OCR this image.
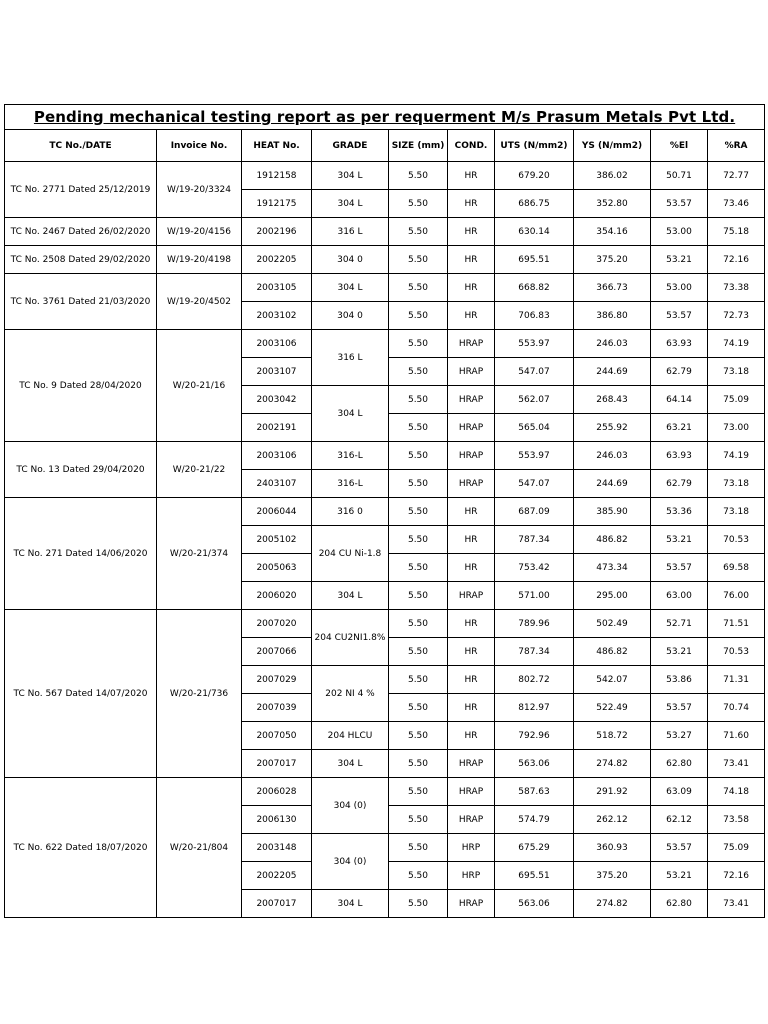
Pending mechanical testing report as per requerment M/s Prasum Metals Pvt Ltd.									
TC No./DATE	Invoice No.	HEAT No.	GRADE	SIZE (mm)	COND.	UTS (N/mm2)	YS (N/mm2)	%El	%RA
TC No. 2771 Dated 25/12/2019	W/19-20/3324	1912158	304 L	5.50	HR	679.20	386.02	50.71	72.77
		1912175	304 L	5.50	HR	686.75	352.80	53.57	73.46
TC No. 2467 Dated 26/02/2020	W/19-20/4156	2002196	316 L	5.50	HR	630.14	354.16	53.00	75.18
TC No. 2508 Dated 29/02/2020	W/19-20/4198	2002205	304 0	5.50	HR	695.51	375.20	53.21	72.16
TC No. 3761 Dated 21/03/2020	W/19-20/4502	2003105	304 L	5.50	HR	668.82	366.73	53.00	73.38
		2003102	304 0	5.50	HR	706.83	386.80	53.57	72.73
TC No. 9 Dated 28/04/2020	W/20-21/16	2003106	316 L	5.50	HRAP	553.97	246.03	63.93	74.19
		2003107		5.50	HRAP	547.07	244.69	62.79	73.18
		2003042	304 L	5.50	HRAP	562.07	268.43	64.14	75.09
		2002191		5.50	HRAP	565.04	255.92	63.21	73.00
TC No. 13 Dated 29/04/2020	W/20-21/22	2003106	316-L	5.50	HRAP	553.97	246.03	63.93	74.19
		2403107	316-L	5.50	HRAP	547.07	244.69	62.79	73.18
TC No. 271 Dated 14/06/2020	W/20-21/374	2006044	316 0	5.50	HR	687.09	385.90	53.36	73.18
		2005102	204 CU Ni-1.8	5.50	HR	787.34	486.82	53.21	70.53
		2005063		5.50	HR	753.42	473.34	53.57	69.58
		2006020	304 L	5.50	HRAP	571.00	295.00	63.00	76.00
TC No. 567 Dated 14/07/2020	W/20-21/736	2007020	204 CU2NI1.8%	5.50	HR	789.96	502.49	52.71	71.51
		2007066		5.50	HR	787.34	486.82	53.21	70.53
		2007029	202 NI 4 %	5.50	HR	802.72	542.07	53.86	71.31
		2007039		5.50	HR	812.97	522.49	53.57	70.74
		2007050	204 HLCU	5.50	HR	792.96	518.72	53.27	71.60
		2007017	304 L	5.50	HRAP	563.06	274.82	62.80	73.41
TC No. 622 Dated 18/07/2020	W/20-21/804	2006028	304 (0)	5.50	HRAP	587.63	291.92	63.09	74.18
		2006130		5.50	HRAP	574.79	262.12	62.12	73.58
		2003148	304 (0)	5.50	HRP	675.29	360.93	53.57	75.09
		2002205		5.50	HRP	695.51	375.20	53.21	72.16
		2007017	304 L	5.50	HRAP	563.06	274.82	62.80	73.41
